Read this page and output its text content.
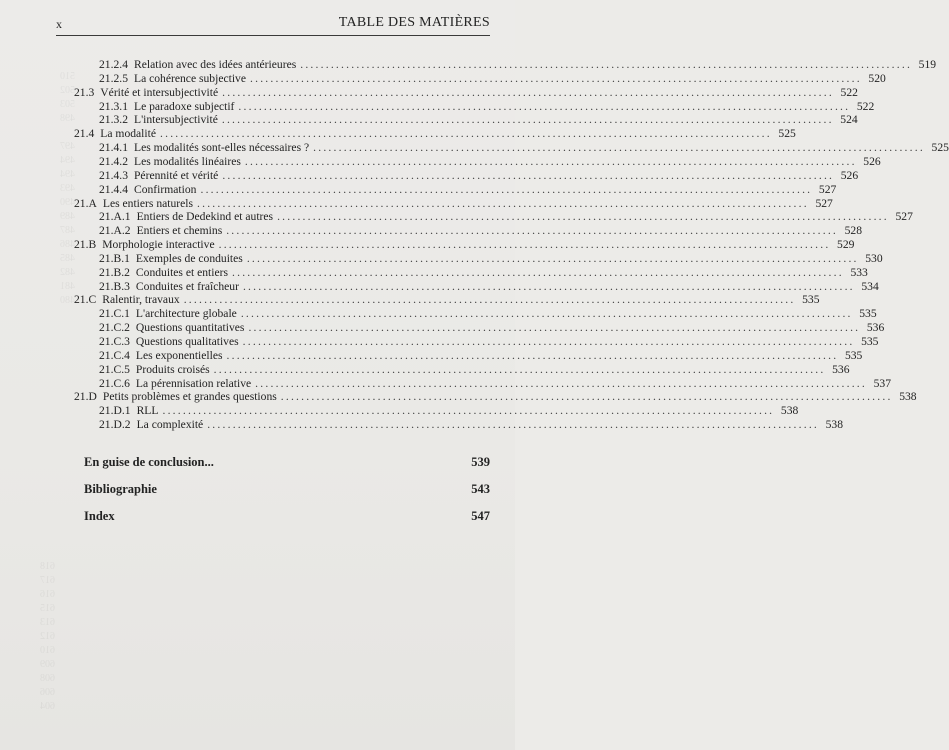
510
502
503
498

497
494
494
493
490
489
487
486
485
482
481
480
618
617
616
615
613
612
610
609
608
606
604
x	TABLE DES MATIÈRES
21.2.4 Relation avec des idées antérieures ........................................................................................................................ 519
21.2.5 La cohérence subjective ........................................................................................................................ 520
21.3 Vérité et intersubjectivité ........................................................................................................................ 522
21.3.1 Le paradoxe subjectif ........................................................................................................................ 522
21.3.2 L'intersubjectivité ........................................................................................................................ 524
21.4 La modalité ........................................................................................................................ 525
21.4.1 Les modalités sont-elles nécessaires ? ........................................................................................................................ 525
21.4.2 Les modalités linéaires ........................................................................................................................ 526
21.4.3 Pérennité et vérité ........................................................................................................................ 526
21.4.4 Confirmation ........................................................................................................................ 527
21.A Les entiers naturels ........................................................................................................................ 527
21.A.1 Entiers de Dedekind et autres ........................................................................................................................ 527
21.A.2 Entiers et chemins ........................................................................................................................ 528
21.B Morphologie interactive ........................................................................................................................ 529
21.B.1 Exemples de conduites ........................................................................................................................ 530
21.B.2 Conduites et entiers ........................................................................................................................ 533
21.B.3 Conduites et fraîcheur ........................................................................................................................ 534
21.C Ralentir, travaux ........................................................................................................................ 535
21.C.1 L'architecture globale ........................................................................................................................ 535
21.C.2 Questions quantitatives ........................................................................................................................ 536
21.C.3 Questions qualitatives ........................................................................................................................ 535
21.C.4 Les exponentielles ........................................................................................................................ 535
21.C.5 Produits croisés ........................................................................................................................ 536
21.C.6 La pérennisation relative ........................................................................................................................ 537
21.D Petits problèmes et grandes questions ........................................................................................................................ 538
21.D.1 RLL ........................................................................................................................ 538
21.D.2 La complexité ........................................................................................................................ 538
En guise de conclusion...	539
Bibliographie	543
Index	547
